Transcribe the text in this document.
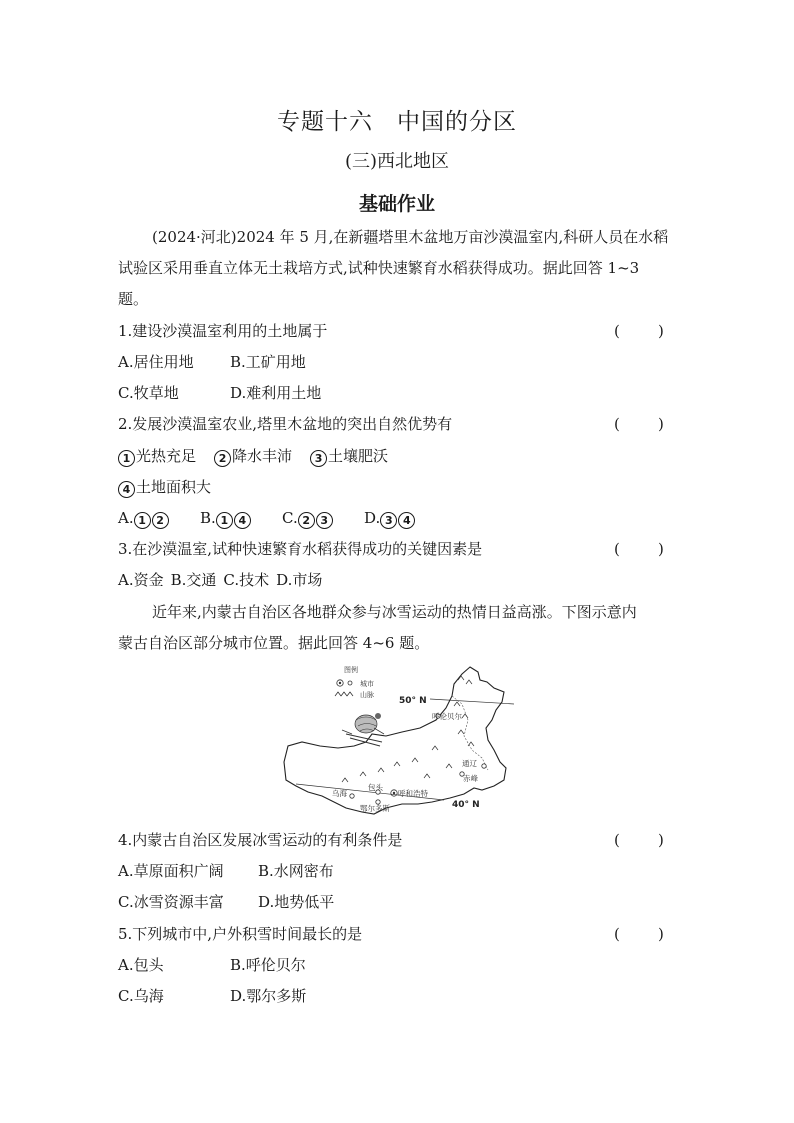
专题十六 中国的分区
(三)西北地区
基础作业
(2024·河北)2024 年 5 月,在新疆塔里木盆地万亩沙漠温室内,科研人员在水稻
试验区采用垂直立体无土栽培方式,试种快速繁育水稻获得成功。据此回答 1~3
题。
1.建设沙漠温室利用的土地属于	(        )
A.居住用地 B.工矿用地
C.牧草地	D.难利用土地
2.发展沙漠温室农业,塔里木盆地的突出自然优势有	(        )
1 光热充足 2 降水丰沛 3 土壤肥沃
4 土地面积大
A. 1 2 B. 1 4 C. 2 3 D. 3 4
3.在沙漠温室,试种快速繁育水稻获得成功的关键因素是	(        )
A.资金 B.交通 C.技术 D.市场
近年来,内蒙古自治区各地群众参与冰雪运动的热情日益高涨。下图示意内
蒙古自治区部分城市位置。据此回答 4~6 题。
图例
城市
山脉
50° N
40° N
呼伦贝尔
通辽
赤峰
包头
呼和浩特
乌海
鄂尔多斯
4.内蒙古自治区发展冰雪运动的有利条件是	(        )
A.草原面积广阔 B.水网密布
C.冰雪资源丰富 D.地势低平
5.下列城市中,户外积雪时间最长的是	(        )
A.包头	B.呼伦贝尔
C.乌海	D.鄂尔多斯
